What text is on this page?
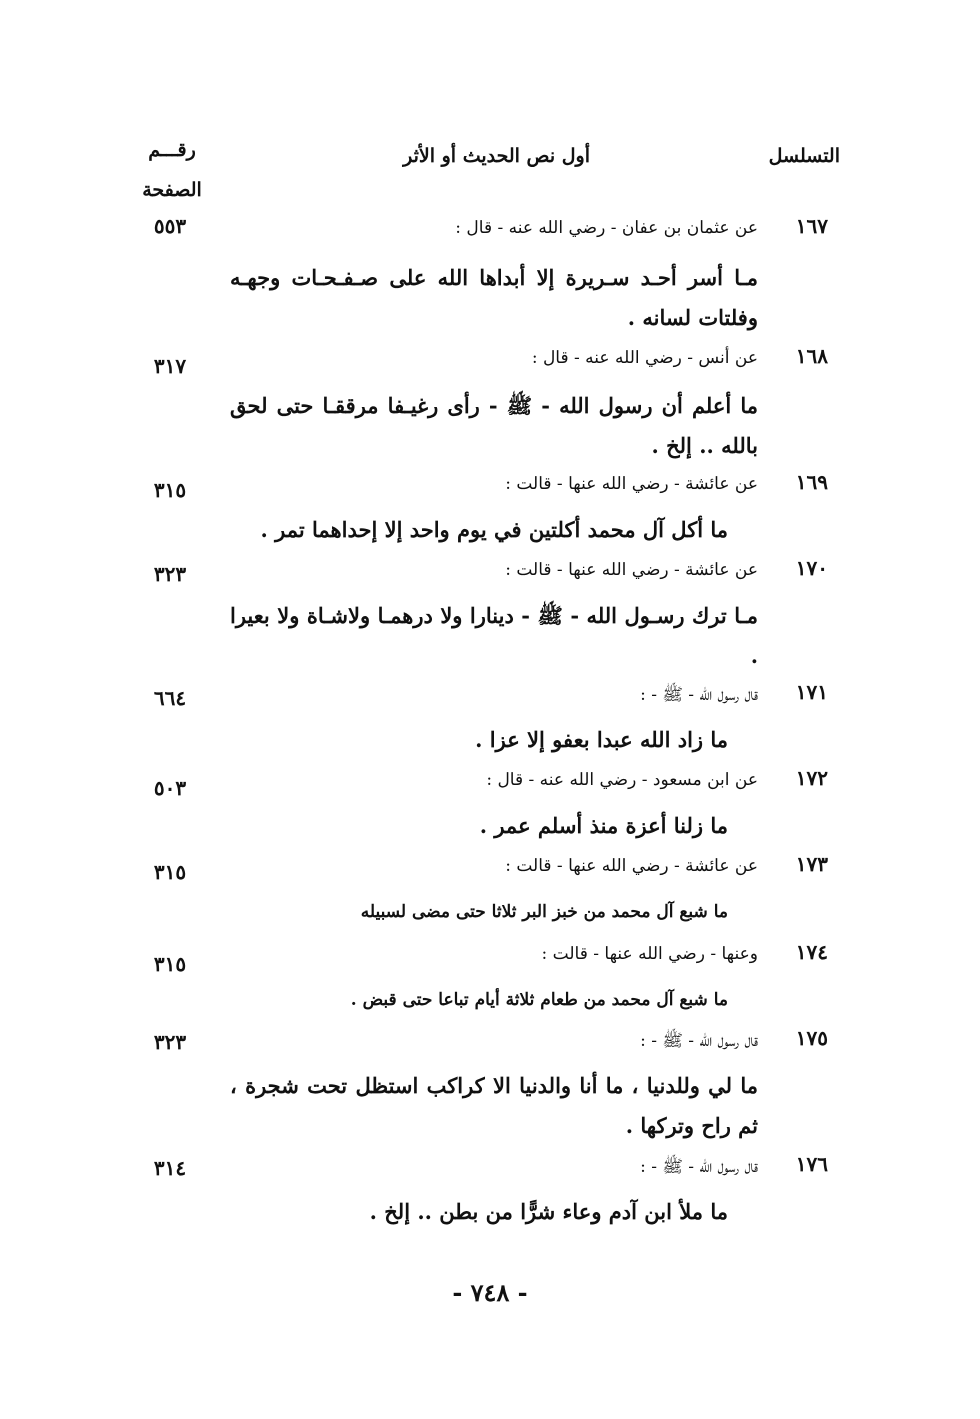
التسلسل
أول نص الحديث أو الأثر
رقـــم
الصفحة
١٦٧
عن عثمان بن عفان - رضي الله عنه - قال :
مـا أسر أحـد سـريرة إلا أبداها الله على صـفـحـات وجهـه وفلتات لسانه .
٥٥٣
١٦٨
عن أنس - رضي الله عنه - قال :
ما أعلم أن رسول الله - ﷺ - رأى رغيـفا مرققـا حتى لحق بالله .. إلخ .
٣١٧
١٦٩
عن عائشة - رضي الله عنها - قالت :
ما أكل آل محمد أكلتين في يوم واحد إلا إحداهما تمر .
٣١٥
١٧٠
عن عائشة - رضي الله عنها - قالت :
مـا ترك رسـول الله - ﷺ - دينارا ولا درهمـا ولاشـاة ولا بعيرا .
٣٢٣
١٧١
قال رسول الله - ﷺ - :
ما زاد الله عبدا بعفو إلا عزا .
٦٦٤
١٧٢
عن ابن مسعود - رضي الله عنه - قال :
ما زلنا أعزة منذ أسلم عمر .
٥٠٣
١٧٣
عن عائشة - رضي الله عنها - قالت :
ما شبع آل محمد من خبز البر ثلاثا حتى مضى لسبيله
٣١٥
١٧٤
وعنها - رضي الله عنها - قالت :
ما شبع آل محمد من طعام ثلاثة أيام تباعا حتى قبض .
٣١٥
١٧٥
قال رسول الله - ﷺ - :
ما لي وللدنيا ، ما أنا والدنيا الا كراكب استظل تحت شجرة ، ثم راح وتركها .
٣٢٣
١٧٦
قال رسول الله - ﷺ - :
ما ملأ ابن آدم وعاء شرًّا من بطن .. إلخ .
٣١٤
- ٧٤٨ -
